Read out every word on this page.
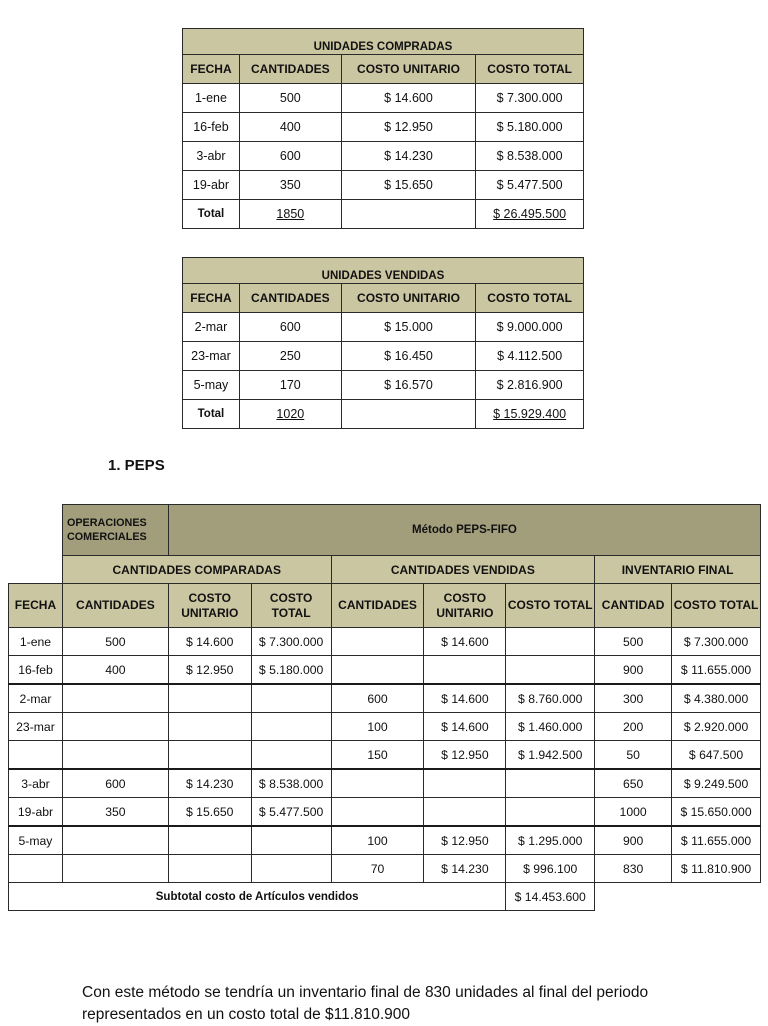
UNIDADES COMPRADAS			
FECHA	CANTIDADES	COSTO UNITARIO	COSTO TOTAL
1-ene	500	$ 14.600	$ 7.300.000
16-feb	400	$ 12.950	$ 5.180.000
3-abr	600	$ 14.230	$ 8.538.000
19-abr	350	$ 15.650	$ 5.477.500
Total	1850		$ 26.495.500
UNIDADES VENDIDAS			
FECHA	CANTIDADES	COSTO UNITARIO	COSTO TOTAL
2-mar	600	$ 15.000	$ 9.000.000
23-mar	250	$ 16.450	$ 4.112.500
5-may	170	$ 16.570	$ 2.816.900
Total	1020		$ 15.929.400
1. PEPS
	OPERACIONES COMERCIALES	Método PEPS-FIFO						
	CANTIDADES COMPARADAS			CANTIDADES VENDIDAS			INVENTARIO FINAL	
FECHA	CANTIDADES	COSTO UNITARIO	COSTO TOTAL	CANTIDADES	COSTO UNITARIO	COSTO TOTAL	CANTIDAD	COSTO TOTAL
1-ene	500	$ 14.600	$ 7.300.000		$ 14.600		500	$ 7.300.000
16-feb	400	$ 12.950	$ 5.180.000				900	$ 11.655.000
2-mar				600	$ 14.600	$ 8.760.000	300	$ 4.380.000
23-mar				100	$ 14.600	$ 1.460.000	200	$ 2.920.000
				150	$ 12.950	$ 1.942.500	50	$ 647.500
3-abr	600	$ 14.230	$ 8.538.000				650	$ 9.249.500
19-abr	350	$ 15.650	$ 5.477.500				1000	$ 15.650.000
5-may				100	$ 12.950	$ 1.295.000	900	$ 11.655.000
				70	$ 14.230	$ 996.100	830	$ 11.810.900
Subtotal costo de Artículos vendidos						$ 14.453.600		

Con este método se tendría un inventario final de 830 unidades al final del periodo representados en un costo total de $11.810.900
